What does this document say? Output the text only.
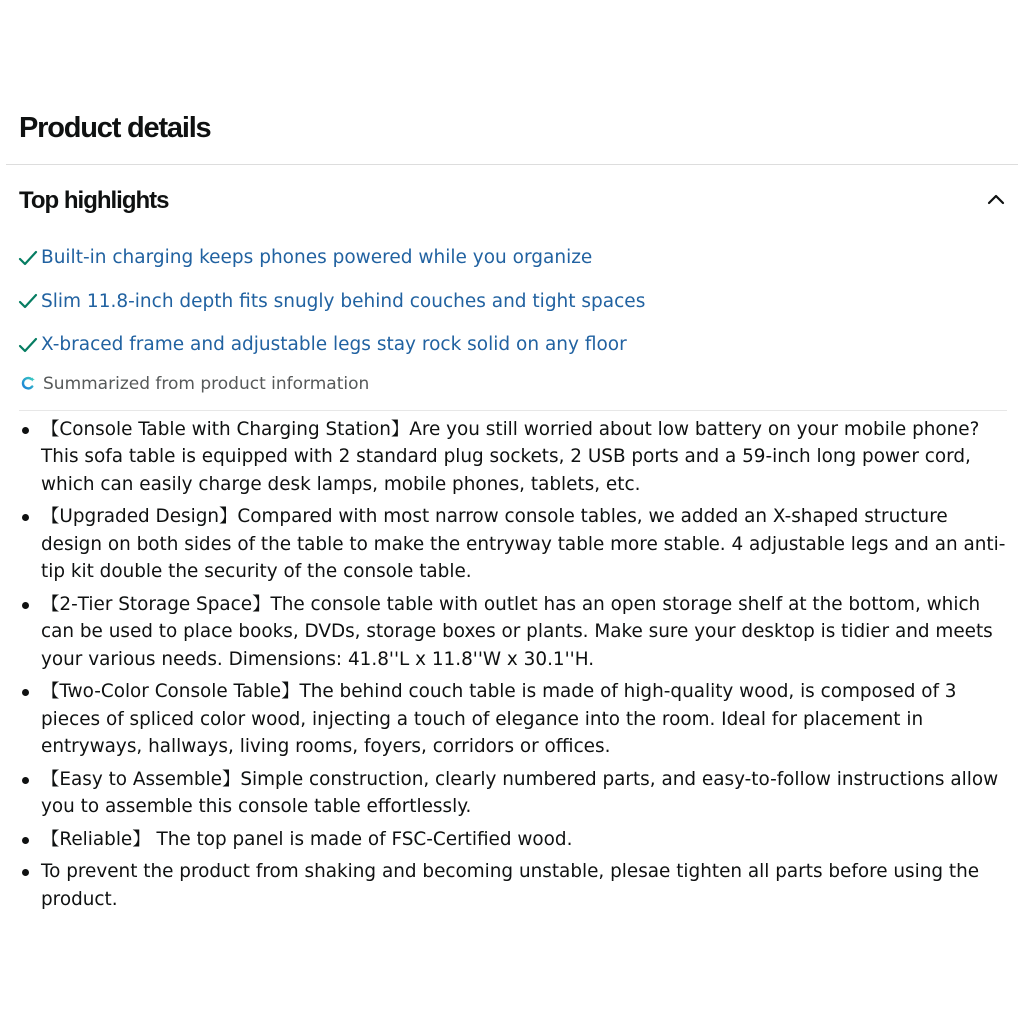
Product details
Top highlights
Built-in charging keeps phones powered while you organize
Slim 11.8-inch depth fits snugly behind couches and tight spaces
X-braced frame and adjustable legs stay rock solid on any floor
Summarized from product information
【Console Table with Charging Station】Are you still worried about low battery on your mobile phone? This sofa table is equipped with 2 standard plug sockets, 2 USB ports and a 59-inch long power cord, which can easily charge desk lamps, mobile phones, tablets, etc.
【Upgraded Design】Compared with most narrow console tables, we added an X-shaped structure design on both sides of the table to make the entryway table more stable. 4 adjustable legs and an anti-tip kit double the security of the console table.
【2-Tier Storage Space】The console table with outlet has an open storage shelf at the bottom, which can be used to place books, DVDs, storage boxes or plants. Make sure your desktop is tidier and meets your various needs. Dimensions: 41.8''L x 11.8''W x 30.1''H.
【Two-Color Console Table】The behind couch table is made of high-quality wood, is composed of 3 pieces of spliced color wood, injecting a touch of elegance into the room. Ideal for placement in entryways, hallways, living rooms, foyers, corridors or offices.
【Easy to Assemble】Simple construction, clearly numbered parts, and easy-to-follow instructions allow you to assemble this console table effortlessly.
【Reliable】 The top panel is made of FSC-Certified wood.
To prevent the product from shaking and becoming unstable, plesae tighten all parts before using the product.
